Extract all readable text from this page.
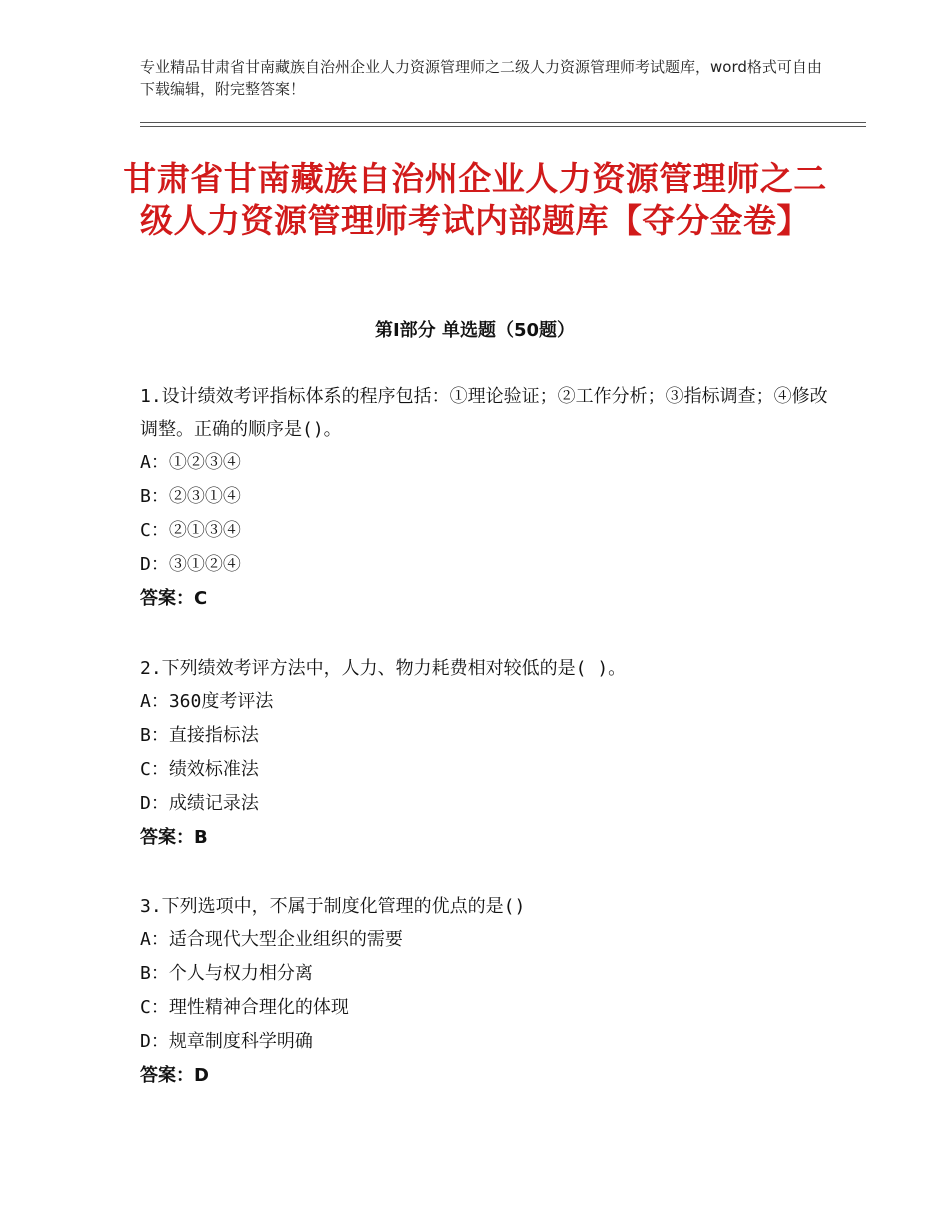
专业精品甘肃省甘南藏族自治州企业人力资源管理师之二级人力资源管理师考试题库，word格式可自由下载编辑，附完整答案！
甘肃省甘南藏族自治州企业人力资源管理师之二级人力资源管理师考试内部题库【夺分金卷】
第Ⅰ部分 单选题（50题）
1.设计绩效考评指标体系的程序包括：①理论验证；②工作分析；③指标调查；④修改调整。正确的顺序是()。
A：①②③④
B：②③①④
C：②①③④
D：③①②④
答案：C
2.下列绩效考评方法中，人力、物力耗费相对较低的是( )。
A：360度考评法
B：直接指标法
C：绩效标准法
D：成绩记录法
答案：B
3.下列选项中，不属于制度化管理的优点的是()
A：适合现代大型企业组织的需要
B：个人与权力相分离
C：理性精神合理化的体现
D：规章制度科学明确
答案：D
